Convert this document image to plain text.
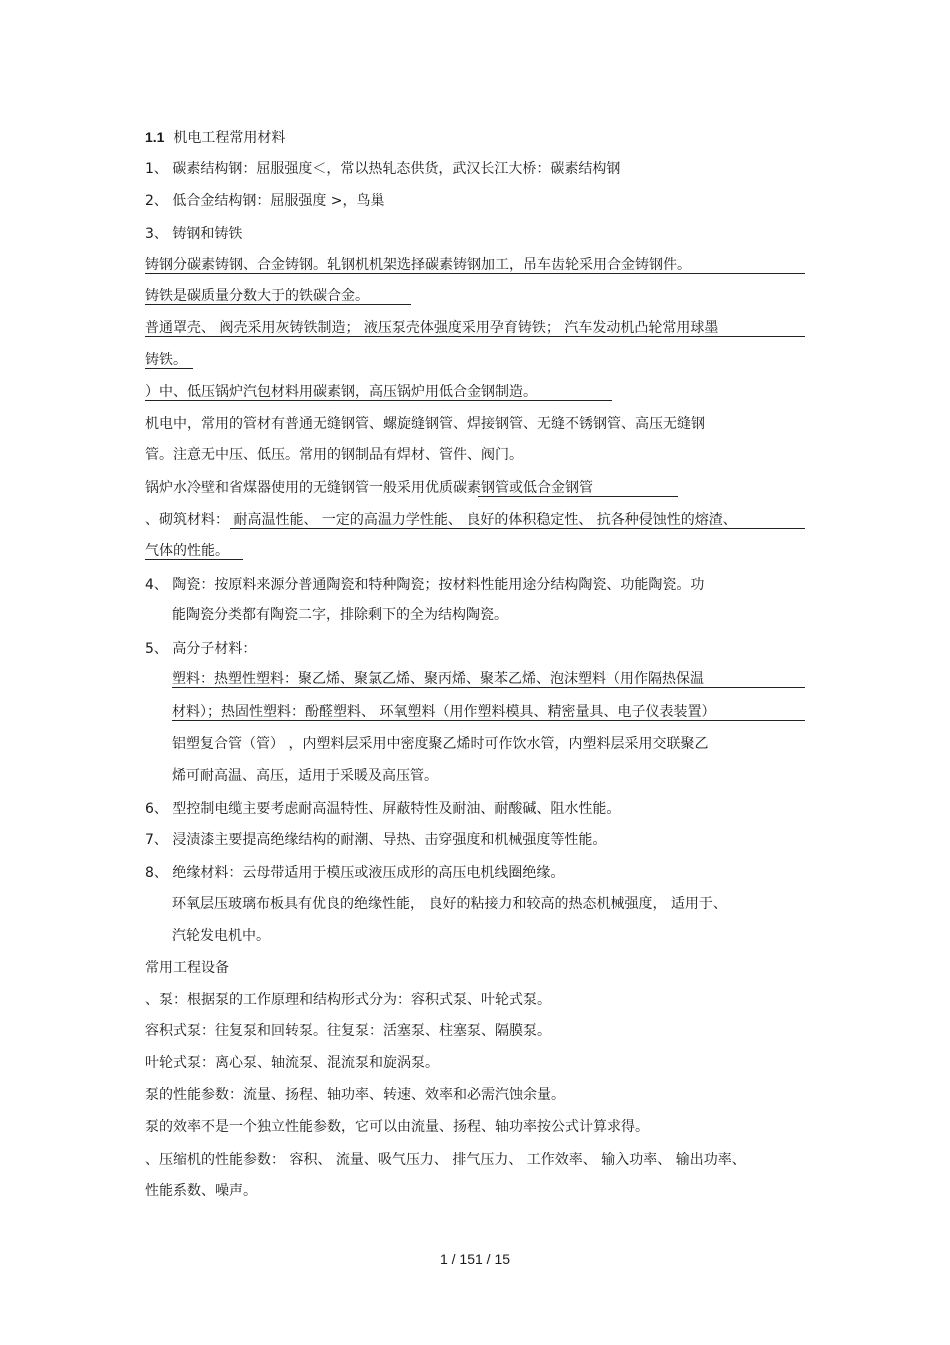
1.1 机电工程常用材料
1、 碳素结构钢：屈服强度＜，常以热轧态供货，武汉长江大桥：碳素结构钢
2、 低合金结构钢：屈服强度 >，鸟巢
3、 铸钢和铸铁
铸钢分碳素铸钢、合金铸钢。轧钢机机架选择碳素铸钢加工，吊车齿轮采用合金铸钢件。
铸铁是碳质量分数大于的铁碳合金。
普通罩壳、 阀壳采用灰铸铁制造； 液压泵壳体强度采用孕育铸铁； 汽车发动机凸轮常用球墨
铸铁。
）中、低压锅炉汽包材料用碳素钢，高压锅炉用低合金钢制造。
机电中，常用的管材有普通无缝钢管、螺旋缝钢管、焊接钢管、无缝不锈钢管、高压无缝钢
管。注意无中压、低压。常用的钢制品有焊材、管件、阀门。
锅炉水冷壁和省煤器使用的无缝钢管一般采用优质碳素钢管或低合金钢管
、砌筑材料： 耐高温性能、 一定的高温力学性能、 良好的体积稳定性、 抗各种侵蚀性的熔渣、
气体的性能。
4、 陶瓷：按原料来源分普通陶瓷和特种陶瓷；按材料性能用途分结构陶瓷、功能陶瓷。功
能陶瓷分类都有陶瓷二字，排除剩下的全为结构陶瓷。
5、 高分子材料：
塑料：热塑性塑料：聚乙烯、聚氯乙烯、聚丙烯、聚苯乙烯、泡沫塑料（用作隔热保温
材料）；热固性塑料：酚醛塑料、 环氧塑料（用作塑料模具、精密量具、电子仪表装置）
铝塑复合管（管） ，内塑料层采用中密度聚乙烯时可作饮水管，内塑料层采用交联聚乙
烯可耐高温、高压，适用于采暖及高压管。
6、 型控制电缆主要考虑耐高温特性、屏蔽特性及耐油、耐酸碱、阻水性能。
7、 浸渍漆主要提高绝缘结构的耐潮、导热、击穿强度和机械强度等性能。
8、 绝缘材料：云母带适用于模压或液压成形的高压电机线圈绝缘。
环氧层压玻璃布板具有优良的绝缘性能， 良好的粘接力和较高的热态机械强度， 适用于、
汽轮发电机中。
常用工程设备
、泵：根据泵的工作原理和结构形式分为：容积式泵、叶轮式泵。
容积式泵：往复泵和回转泵。往复泵：活塞泵、柱塞泵、隔膜泵。
叶轮式泵：离心泵、轴流泵、混流泵和旋涡泵。
泵的性能参数：流量、扬程、轴功率、转速、效率和必需汽蚀余量。
泵的效率不是一个独立性能参数，它可以由流量、扬程、轴功率按公式计算求得。
、压缩机的性能参数： 容积、 流量、吸气压力、 排气压力、 工作效率、 输入功率、 输出功率、
性能系数、噪声。
1 / 151 / 15
